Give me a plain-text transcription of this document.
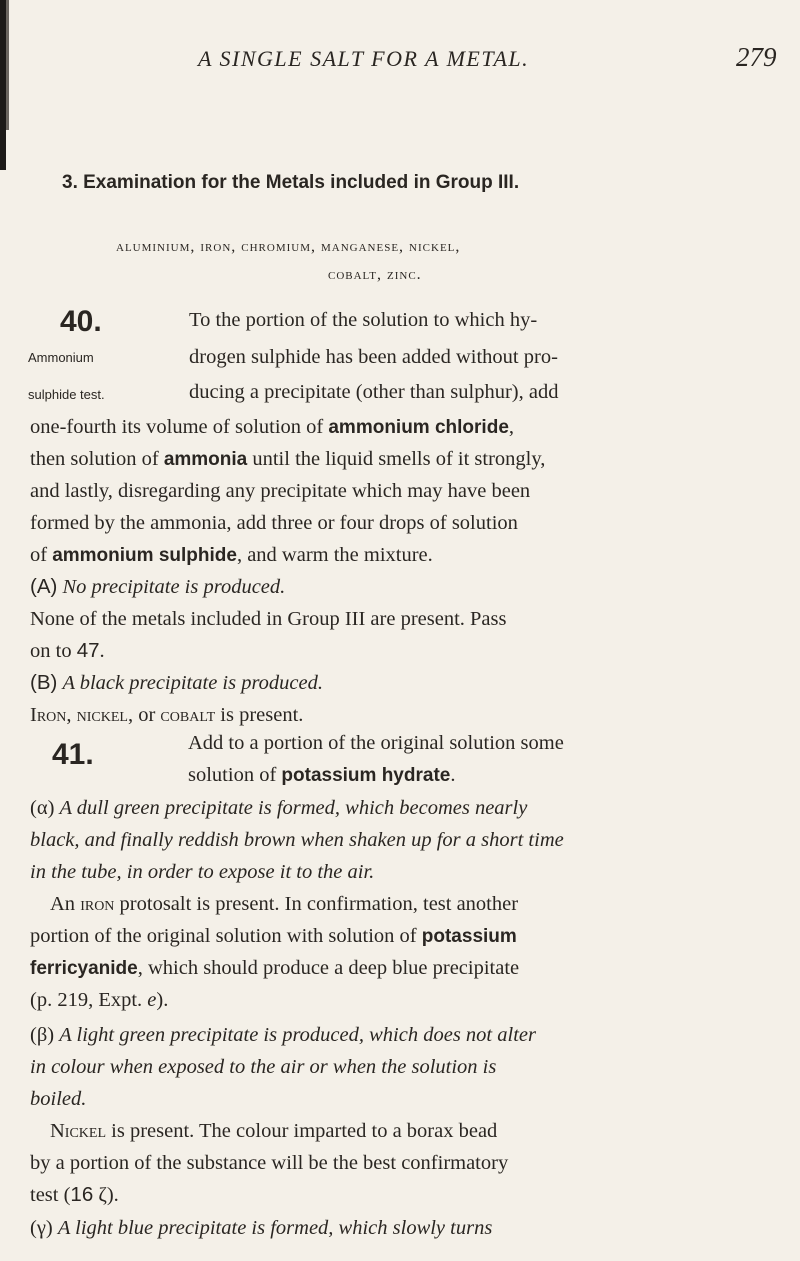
A SINGLE SALT FOR A METAL.	279
3. Examination for the Metals included in Group III.
aluminium, iron, chromium, manganese, nickel,
cobalt, zinc.
40.
Ammonium
sulphide test.
To the portion of the solution to which hy-
drogen sulphide has been added without pro-
ducing a precipitate (other than sulphur), add
one-fourth its volume of solution of ammonium chloride,
then solution of ammonia until the liquid smells of it strongly,
and lastly, disregarding any precipitate which may have been
formed by the ammonia, add three or four drops of solution
of ammonium sulphide, and warm the mixture.
(A) No precipitate is produced.
None of the metals included in Group III are present. Pass
on to 47.
(B) A black precipitate is produced.
Iron, nickel, or cobalt is present.
41.	Add to a portion of the original solution some
solution of potassium hydrate.
(α) A dull green precipitate is formed, which becomes nearly
black, and finally reddish brown when shaken up for a short time
in the tube, in order to expose it to the air.
An iron protosalt is present. In confirmation, test another
portion of the original solution with solution of potassium
ferricyanide, which should produce a deep blue precipitate
(p. 219, Expt. e).
(β) A light green precipitate is produced, which does not alter
in colour when exposed to the air or when the solution is
boiled.
Nickel is present. The colour imparted to a borax bead
by a portion of the substance will be the best confirmatory
test (16 ζ).
(γ) A light blue precipitate is formed, which slowly turns
